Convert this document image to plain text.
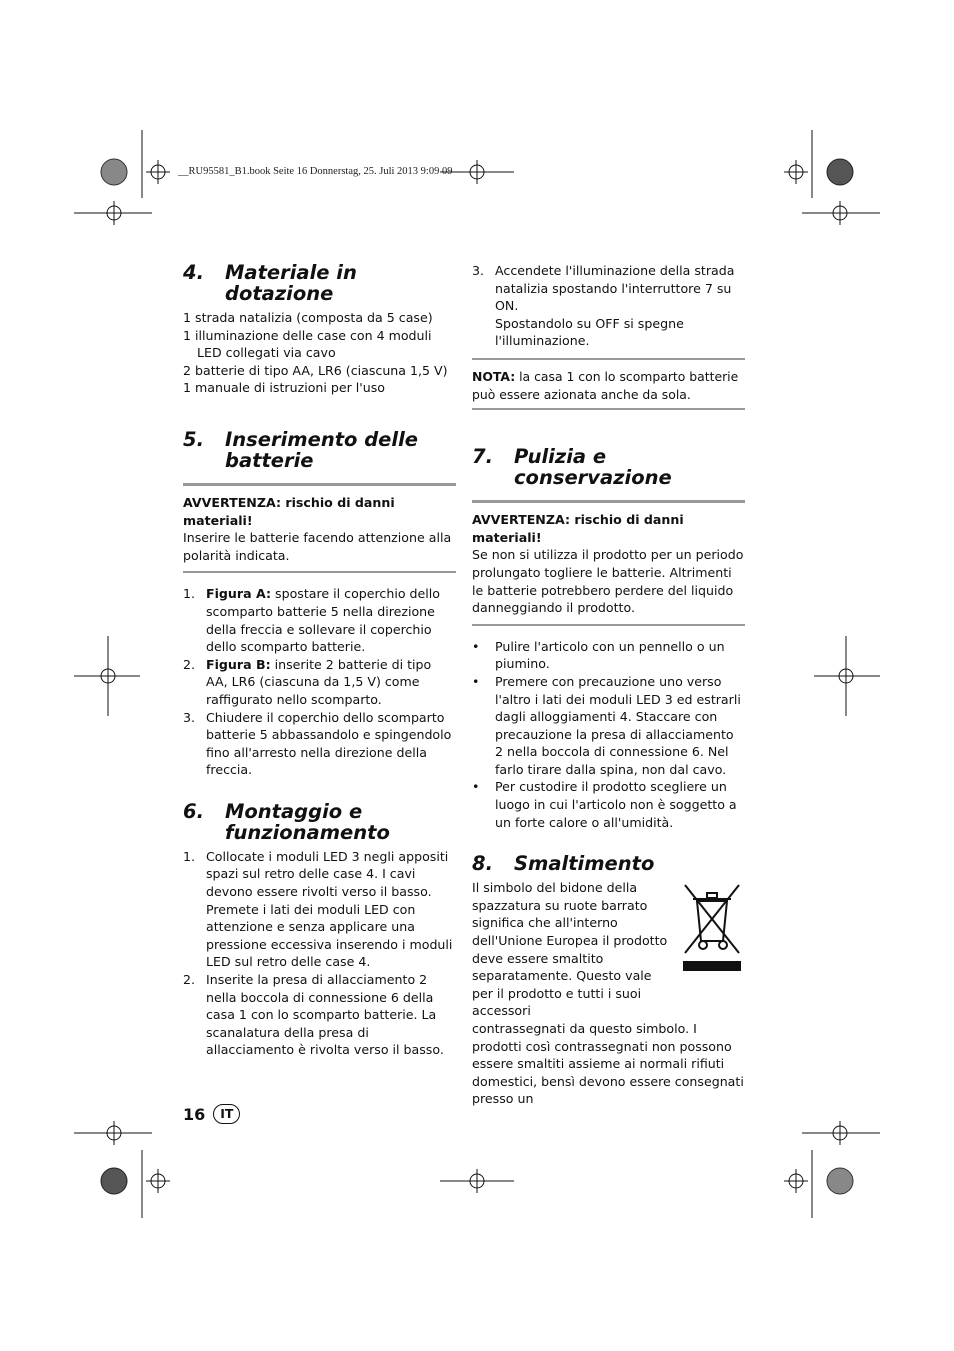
__RU95581_B1.book Seite 16 Donnerstag, 25. Juli 2013 9:09 09
4.	Materiale in dotazione

1 strada natalizia (composta da 5 case)

1 illuminazione delle case con 4 moduli LED collegati via cavo

2 batterie di tipo AA, LR6 (ciascuna 1,5 V)

1 manuale di istruzioni per l'uso

5.	Inserimento delle batterie

AVVERTENZA: rischio di danni materiali!

Inserire le batterie facendo attenzione alla polarità indicata.

1. Figura A: spostare il coperchio dello scomparto batterie 5 nella direzione della freccia e sollevare il coperchio dello scomparto batterie.
2. Figura B: inserite 2 batterie di tipo AA, LR6 (ciascuna da 1,5 V) come raffigurato nello scomparto.
3. Chiudere il coperchio dello scomparto batterie 5 abbassandolo e spingendolo fino all'arresto nella direzione della freccia.
6.	Montaggio e funzionamento
1. Collocate i moduli LED 3 negli appositi spazi sul retro delle case 4. I cavi devono essere rivolti verso il basso. Premete i lati dei moduli LED con attenzione e senza applicare una pressione eccessiva inserendo i moduli LED sul retro delle case 4.
2. Inserite la presa di allacciamento 2 nella boccola di connessione 6 della casa 1 con lo scomparto batterie. La scanalatura della presa di allacciamento è rivolta verso il basso.
3. Accendete l'illuminazione della strada natalizia spostando l'interruttore 7 su ON.

Spostandolo su OFF si spegne l'illuminazione.

NOTA: la casa 1 con lo scomparto batterie può essere azionata anche da sola.
7.	Pulizia e conservazione

AVVERTENZA: rischio di danni materiali!

Se non si utilizza il prodotto per un periodo prolungato togliere le batterie. Altrimenti le batterie potrebbero perdere del liquido danneggiando il prodotto.

•	Pulire l'articolo con un pennello o un piumino.
•	Premere con precauzione uno verso l'altro i lati dei moduli LED 3 ed estrarli dagli alloggiamenti 4. Staccare con precauzione la presa di allacciamento 2 nella boccola di connessione 6. Nel farlo tirare dalla spina, non dal cavo.
•	Per custodire il prodotto scegliere un luogo in cui l'articolo non è soggetto a un forte calore o all'umidità.
8.	Smaltimento

Il simbolo del bidone della spazzatura su ruote barrato significa che all'interno dell'Unione Europea il prodotto deve essere smaltito separatamente. Questo vale per il prodotto e tutti i suoi accessori

contrassegnati da questo simbolo. I prodotti così contrassegnati non possono essere smaltiti assieme ai normali rifiuti domestici, bensì devono essere consegnati presso un

16	IT
